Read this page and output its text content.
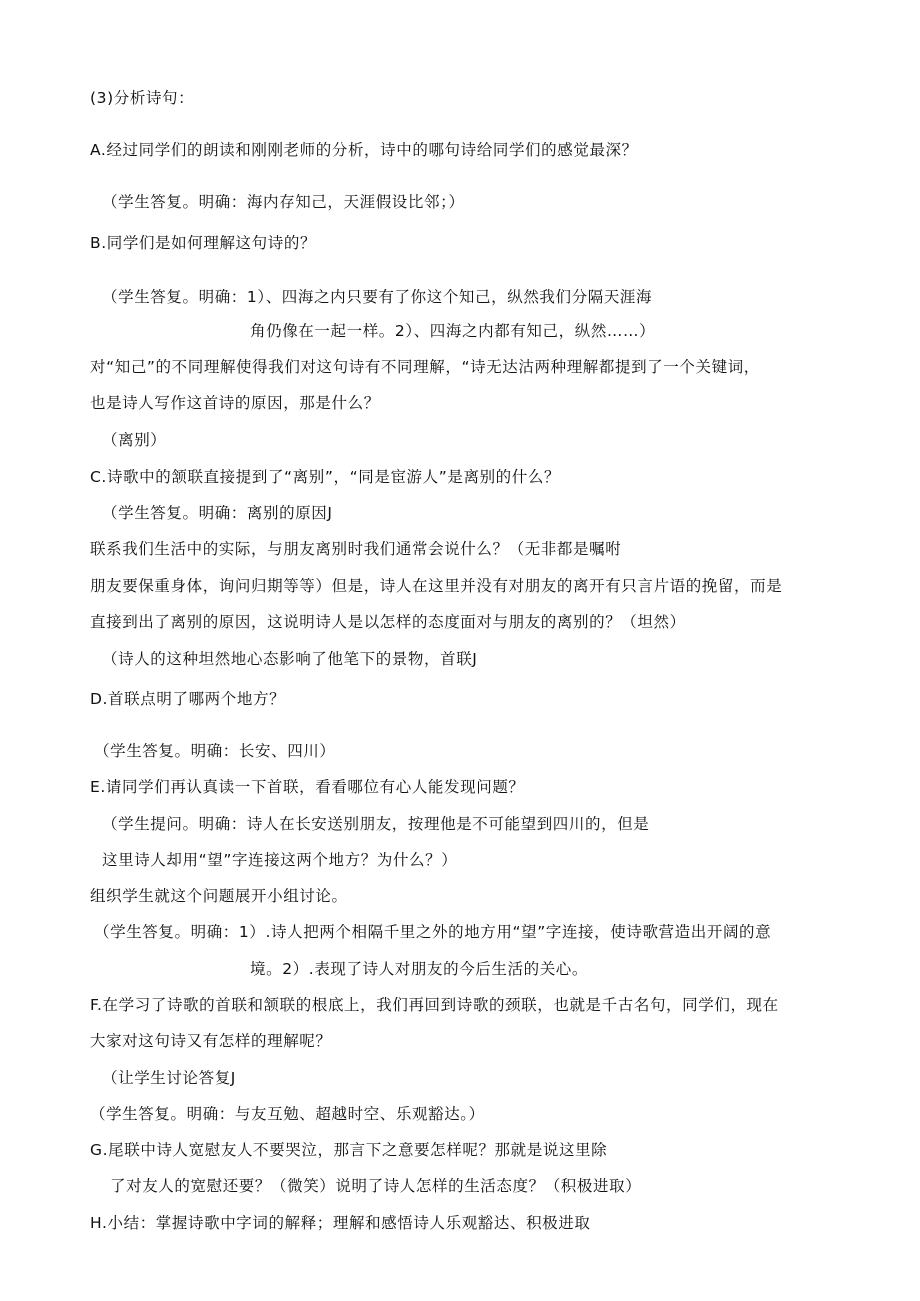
(3)分析诗句：
A.经过同学们的朗读和刚刚老师的分析，诗中的哪句诗给同学们的感觉最深？
（学生答复。明确：海内存知己，天涯假设比邻；）
B.同学们是如何理解这句诗的？
（学生答复。明确：1）、四海之内只要有了你这个知己，纵然我们分隔天涯海
角仍像在一起一样。2）、四海之内都有知己，纵然……）
对“知己”的不同理解使得我们对这句诗有不同理解，“诗无达沽两种理解都提到了一个关键词，
也是诗人写作这首诗的原因，那是什么？
（离别）
C.诗歌中的颔联直接提到了“离别”，“同是宦游人”是离别的什么？
（学生答复。明确：离别的原因J
联系我们生活中的实际，与朋友离别时我们通常会说什么？（无非都是嘱咐
朋友要保重身体，询问归期等等）但是，诗人在这里并没有对朋友的离开有只言片语的挽留，而是
直接到出了离别的原因，这说明诗人是以怎样的态度面对与朋友的离别的？（坦然）
（诗人的这种坦然地心态影响了他笔下的景物，首联J
D.首联点明了哪两个地方？
（学生答复。明确：长安、四川）
E.请同学们再认真读一下首联，看看哪位有心人能发现问题？
（学生提问。明确：诗人在长安送别朋友，按理他是不可能望到四川的，但是
这里诗人却用“望”字连接这两个地方？为什么？）
组织学生就这个问题展开小组讨论。
（学生答复。明确：1）.诗人把两个相隔千里之外的地方用“望”字连接，使诗歌营造出开阔的意
境。2）.表现了诗人对朋友的今后生活的关心。
F.在学习了诗歌的首联和颔联的根底上，我们再回到诗歌的颈联，也就是千古名句，同学们，现在
大家对这句诗又有怎样的理解呢？
（让学生讨论答复J
（学生答复。明确：与友互勉、超越时空、乐观豁达。）
G.尾联中诗人宽慰友人不要哭泣，那言下之意要怎样呢？那就是说这里除
了对友人的宽慰还要？（微笑）说明了诗人怎样的生活态度？（积极进取）
H.小结：掌握诗歌中字词的解释；理解和感悟诗人乐观豁达、积极进取
